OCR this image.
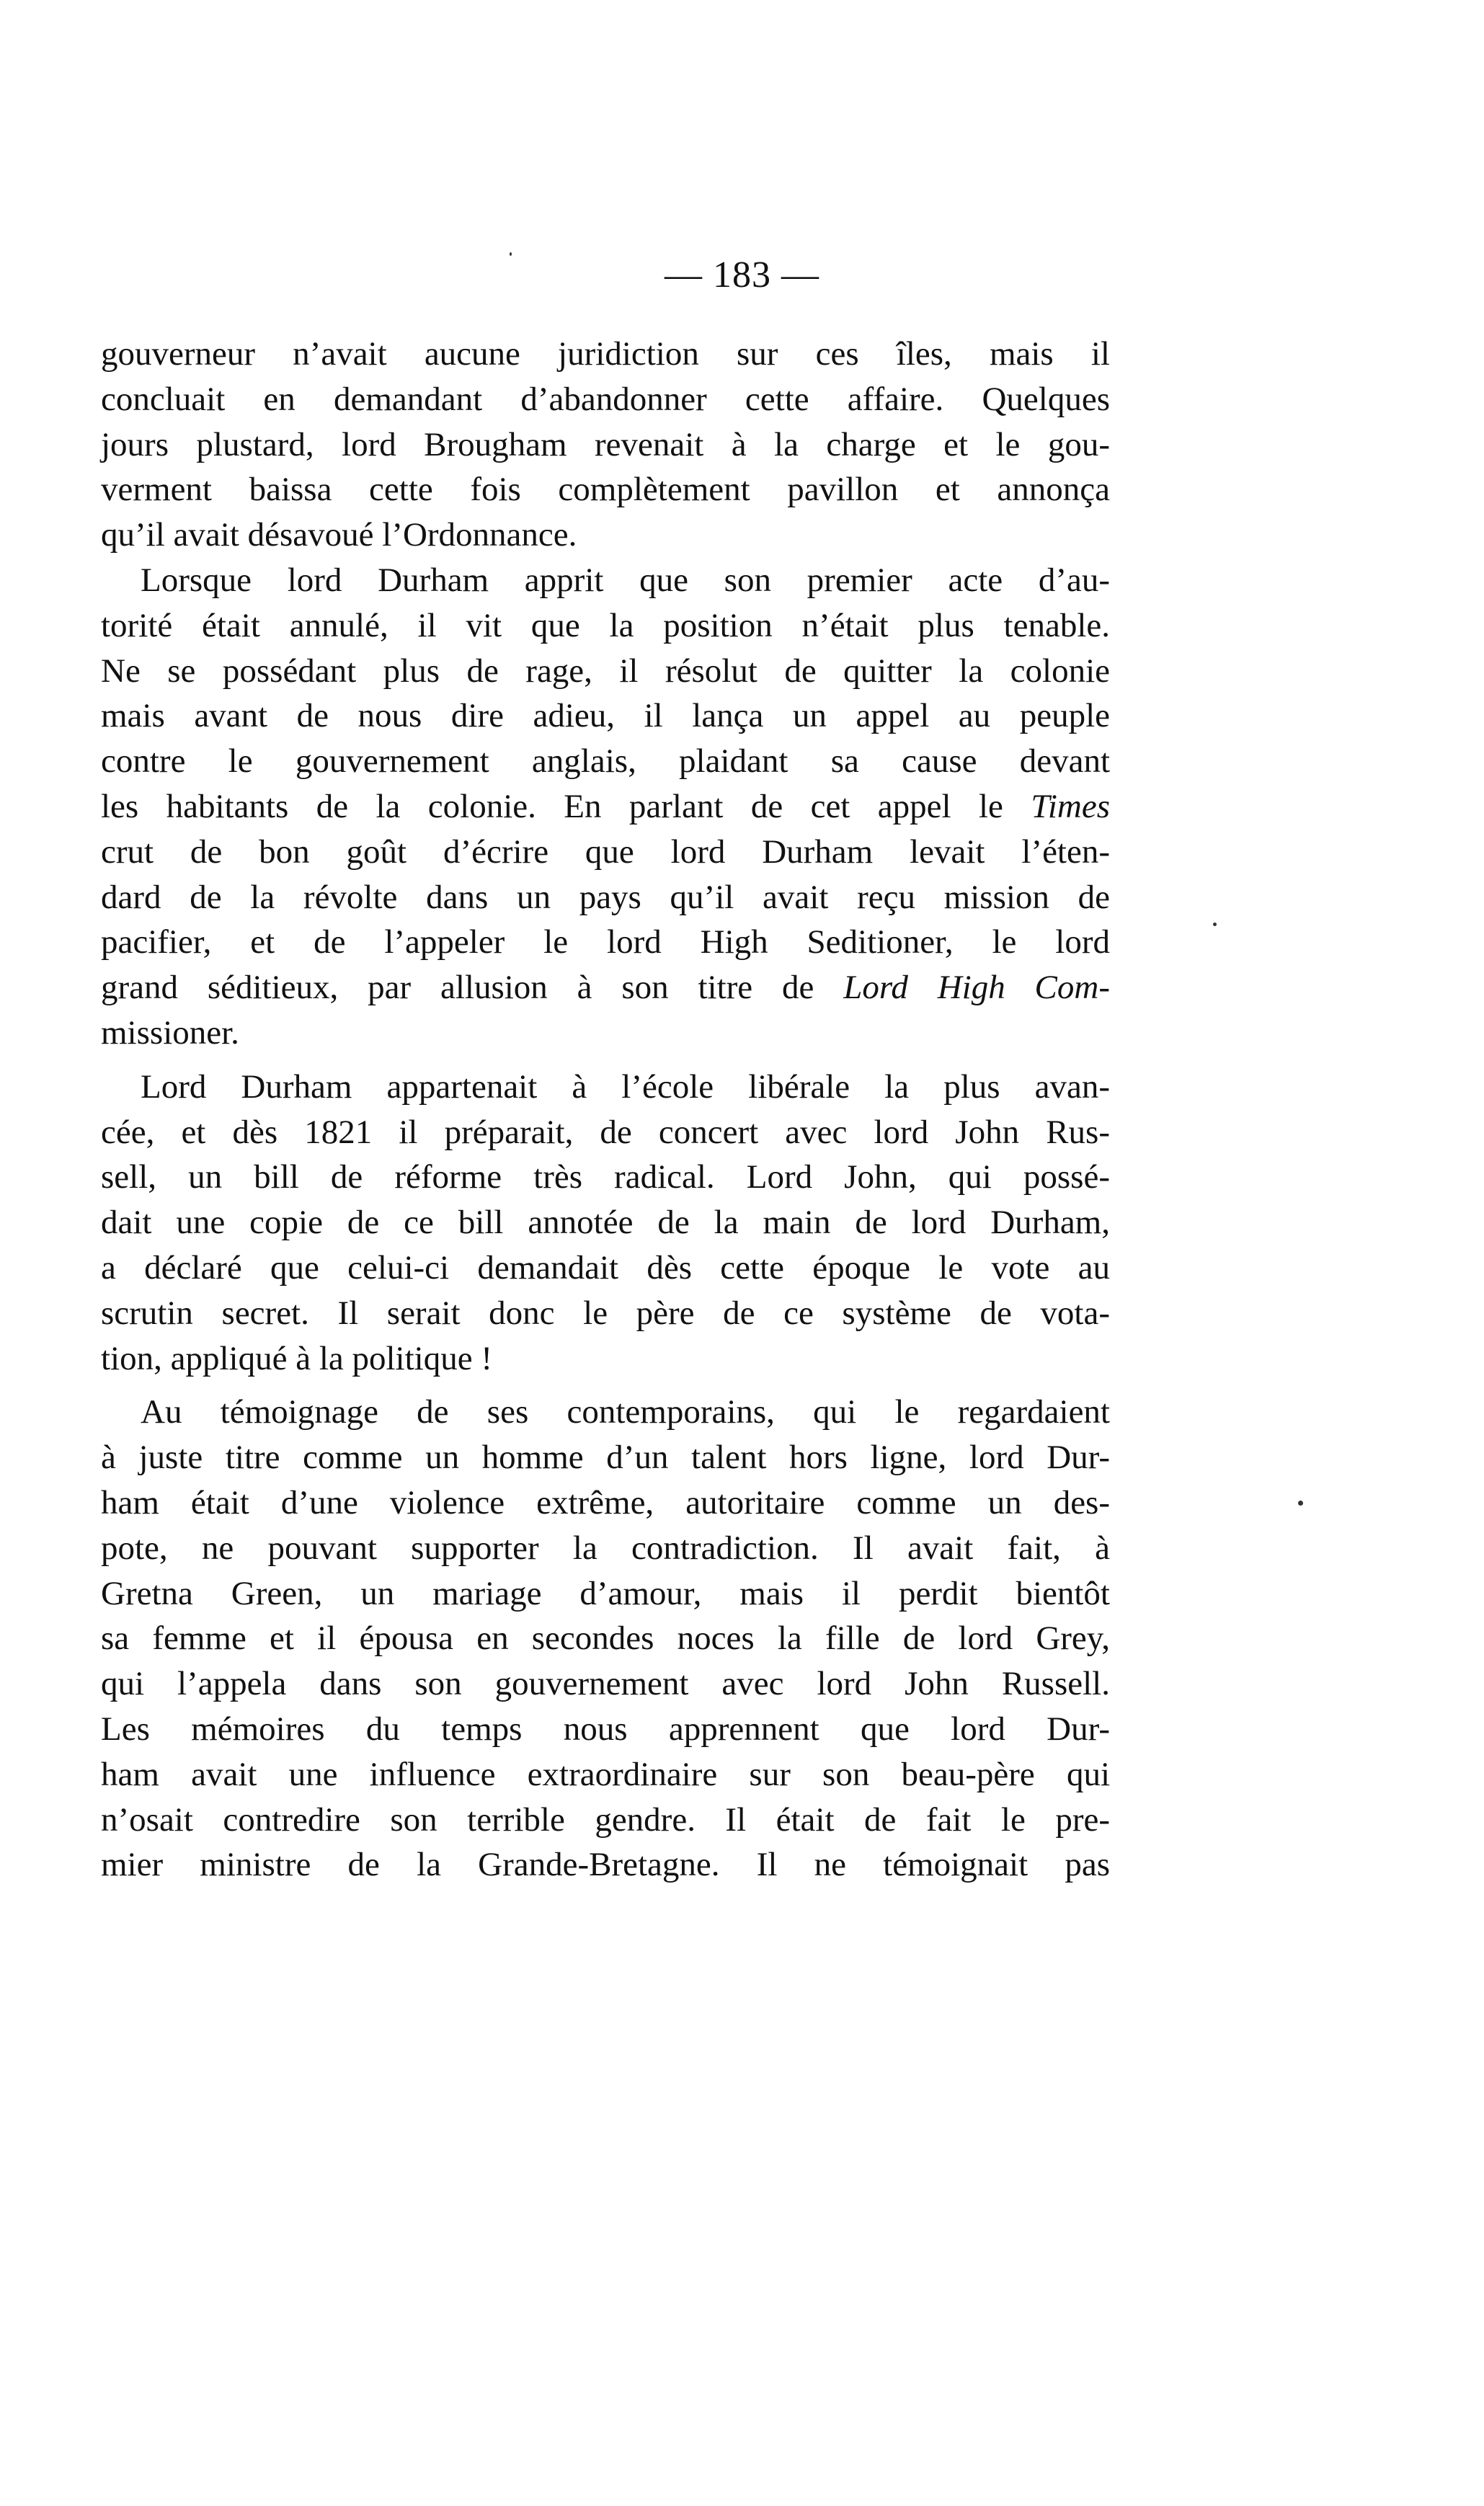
— 183 —
gouverneur n’avait aucune juridiction sur ces îles, mais il
concluait en demandant d’abandonner cette affaire. Quelques
jours plustard, lord Brougham revenait à la charge et le gou-
verment baissa cette fois complètement pavillon et annonça
qu’il avait désavoué l’Ordonnance.
Lorsque lord Durham apprit que son premier acte d’au-
torité était annulé, il vit que la position n’était plus tenable.
Ne se possédant plus de rage, il résolut de quitter la colonie
mais avant de nous dire adieu, il lança un appel au peuple
contre le gouvernement anglais, plaidant sa cause devant
les habitants de la colonie. En parlant de cet appel le Times
crut de bon goût d’écrire que lord Durham levait l’éten-
dard de la révolte dans un pays qu’il avait reçu mission de
pacifier, et de l’appeler le lord High Seditioner, le lord
grand séditieux, par allusion à son titre de Lord High Com-
missioner.
Lord Durham appartenait à l’école libérale la plus avan-
cée, et dès 1821 il préparait, de concert avec lord John Rus-
sell, un bill de réforme très radical. Lord John, qui possé-
dait une copie de ce bill annotée de la main de lord Durham,
a déclaré que celui-ci demandait dès cette époque le vote au
scrutin secret. Il serait donc le père de ce système de vota-
tion, appliqué à la politique !
Au témoignage de ses contemporains, qui le regardaient
à juste titre comme un homme d’un talent hors ligne, lord Dur-
ham était d’une violence extrême, autoritaire comme un des-
pote, ne pouvant supporter la contradiction. Il avait fait, à
Gretna Green, un mariage d’amour, mais il perdit bientôt
sa femme et il épousa en secondes noces la fille de lord Grey,
qui l’appela dans son gouvernement avec lord John Russell.
Les mémoires du temps nous apprennent que lord Dur-
ham avait une influence extraordinaire sur son beau-père qui
n’osait contredire son terrible gendre. Il était de fait le pre-
mier ministre de la Grande-Bretagne. Il ne témoignait pas
